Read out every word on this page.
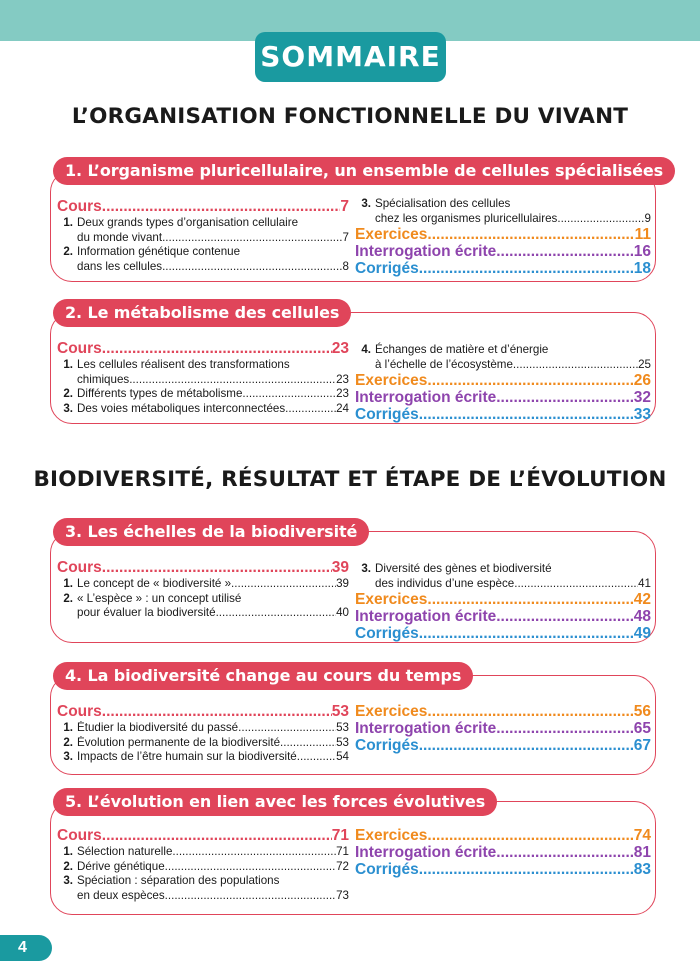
SOMMAIRE
L’ORGANISATION FONCTIONNELLE DU VIVANT
1. L’organisme pluricellulaire, un ensemble de cellules spécialisées
Cours .....	7
1. Deux grands types d’organisation cellulaire
du monde vivant .....	7
2. Information génétique contenue
dans les cellules .....	8
3. Spécialisation des cellules
chez les organismes pluricellulaires .....	9
Exercices .....	11
Interrogation écrite .....	16
Corrigés .....	18
2. Le métabolisme des cellules
Cours .....	23
1. Les cellules réalisent des transformations
chimiques .....	23
2. Différents types de métabolisme .....	23
3. Des voies métaboliques interconnectées .....	24
4. Échanges de matière et d’énergie
à l’échelle de l’écosystème .....	25
Exercices .....	26
Interrogation écrite .....	32
Corrigés .....	33
BIODIVERSITÉ, RÉSULTAT ET ÉTAPE DE L’ÉVOLUTION
3. Les échelles de la biodiversité
Cours .....	39
1. Le concept de « biodiversité » .....	39
2. « L’espèce » : un concept utilisé
pour évaluer la biodiversité .....	40
3. Diversité des gènes et biodiversité
des individus d’une espèce .....	41
Exercices .....	42
Interrogation écrite .....	48
Corrigés .....	49
4. La biodiversité change au cours du temps
Cours .....	53
1. Étudier la biodiversité du passé .....	53
2. Évolution permanente de la biodiversité .....	53
3. Impacts de l’être humain sur la biodiversité .....	54
Exercices .....	56
Interrogation écrite .....	65
Corrigés .....	67
5. L’évolution en lien avec les forces évolutives
Cours .....	71
1. Sélection naturelle .....	71
2. Dérive génétique .....	72
3. Spéciation : séparation des populations
en deux espèces .....	73
Exercices .....	74
Interrogation écrite .....	81
Corrigés .....	83
4
